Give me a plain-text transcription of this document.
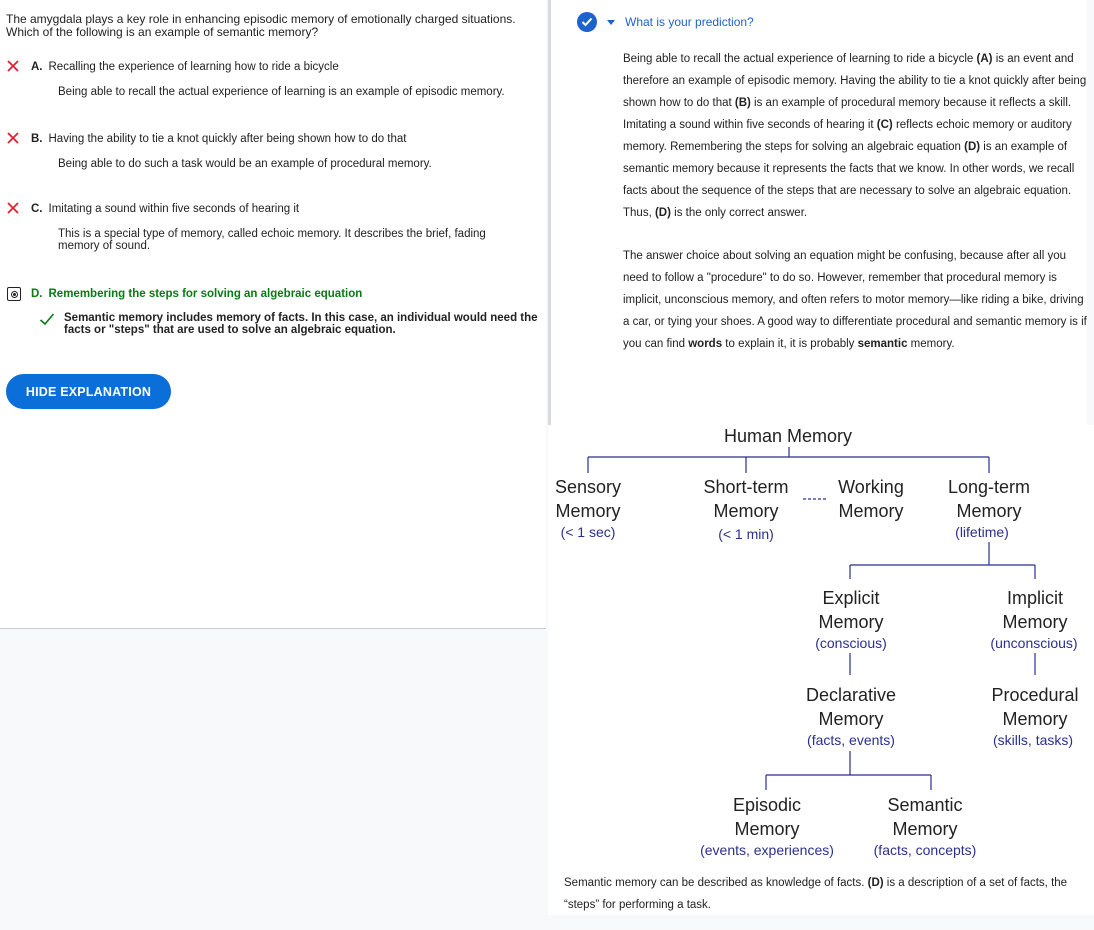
The amygdala plays a key role in enhancing episodic memory of emotionally charged situations.
Which of the following is an example of semantic memory?
A. Recalling the experience of learning how to ride a bicycle
Being able to recall the actual experience of learning is an example of episodic memory.
B. Having the ability to tie a knot quickly after being shown how to do that
Being able to do such a task would be an example of procedural memory.
C. Imitating a sound within five seconds of hearing it
This is a special type of memory, called echoic memory. It describes the brief, fading memory of sound.
D. Remembering the steps for solving an algebraic equation
Semantic memory includes memory of facts. In this case, an individual would need the facts or "steps" that are used to solve an algebraic equation.
HIDE EXPLANATION
What is your prediction?

Being able to recall the actual experience of learning to ride a bicycle (A) is an event and therefore an example of episodic memory. Having the ability to tie a knot quickly after being shown how to do that (B) is an example of procedural memory because it reflects a skill. Imitating a sound within five seconds of hearing it (C) reflects echoic memory or auditory memory. Remembering the steps for solving an algebraic equation (D) is an example of semantic memory because it represents the facts that we know. In other words, we recall facts about the sequence of the steps that are necessary to solve an algebraic equation. Thus, (D) is the only correct answer.

The answer choice about solving an equation might be confusing, because after all you need to follow a "procedure" to do so. However, remember that procedural memory is implicit, unconscious memory, and often refers to motor memory—like riding a bike, driving a car, or tying your shoes. A good way to differentiate procedural and semantic memory is if you can find words to explain it, it is probably semantic memory.

Human Memory
Sensory
Memory
(< 1 sec)
Short-term
Memory
(< 1 min)
Working
Memory
Long-term
Memory
(lifetime)
Explicit
Memory
(conscious)
Implicit
Memory
(unconscious)
Declarative
Memory
(facts, events)
Procedural
Memory
(skills, tasks)
Episodic
Memory
(events, experiences)
Semantic
Memory
(facts, concepts)
Semantic memory can be described as knowledge of facts. (D) is a description of a set of facts, the “steps” for performing a task.
